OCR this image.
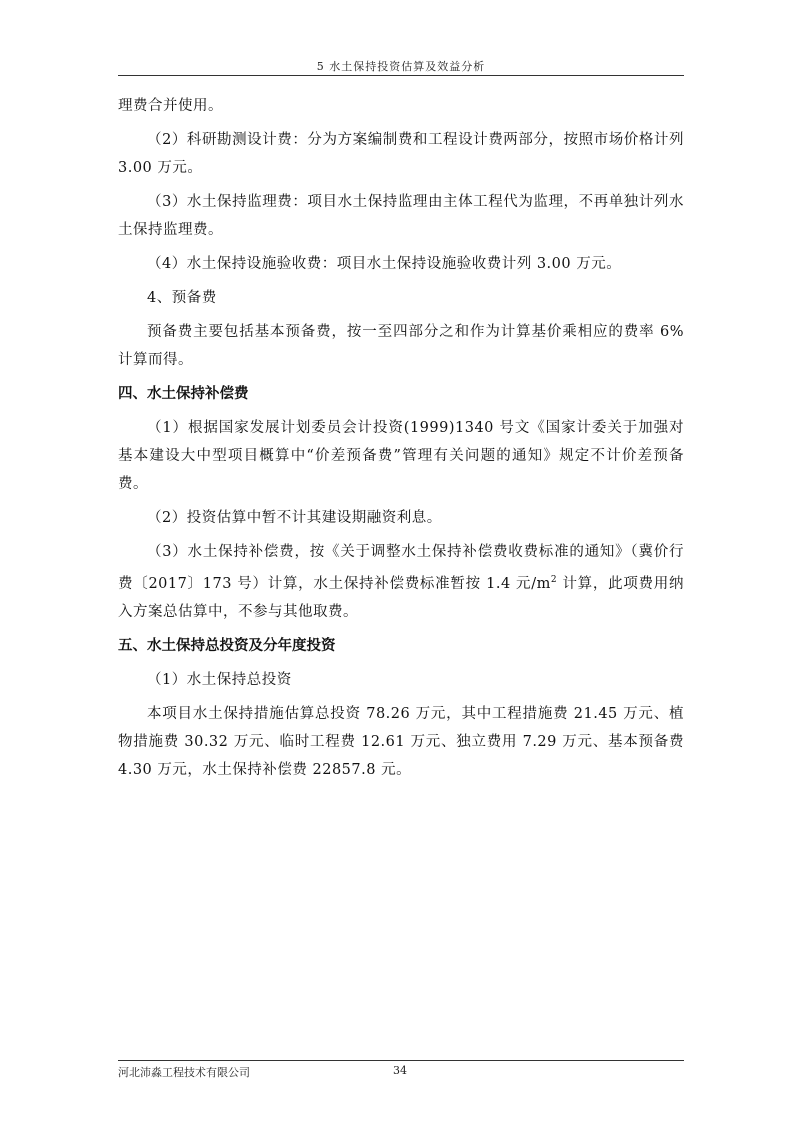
5 水土保持投资估算及效益分析

理费合并使用。

（2）科研勘测设计费：分为方案编制费和工程设计费两部分，按照市场价格计列 3.00 万元。

（3）水土保持监理费：项目水土保持监理由主体工程代为监理，不再单独计列水土保持监理费。

（4）水土保持设施验收费：项目水土保持设施验收费计列 3.00 万元。

4、预备费

预备费主要包括基本预备费，按一至四部分之和作为计算基价乘相应的费率 6%计算而得。

四、水土保持补偿费

（1）根据国家发展计划委员会计投资(1999)1340 号文《国家计委关于加强对基本建设大中型项目概算中“价差预备费”管理有关问题的通知》规定不计价差预备费。

（2）投资估算中暂不计其建设期融资利息。

（3）水土保持补偿费，按《关于调整水土保持补偿费收费标准的通知》（冀价行费〔2017〕173 号）计算，水土保持补偿费标准暂按 1.4 元$/m^2$ 计算，此项费用纳入方案总估算中，不参与其他取费。

五、水土保持总投资及分年度投资

（1）水土保持总投资

本项目水土保持措施估算总投资 78.26 万元，其中工程措施费 21.45 万元、植物措施费 30.32 万元、临时工程费 12.61 万元、独立费用 7.29 万元、基本预备费 4.30 万元，水土保持补偿费 22857.8 元。

河北沛淼工程技术有限公司	34
